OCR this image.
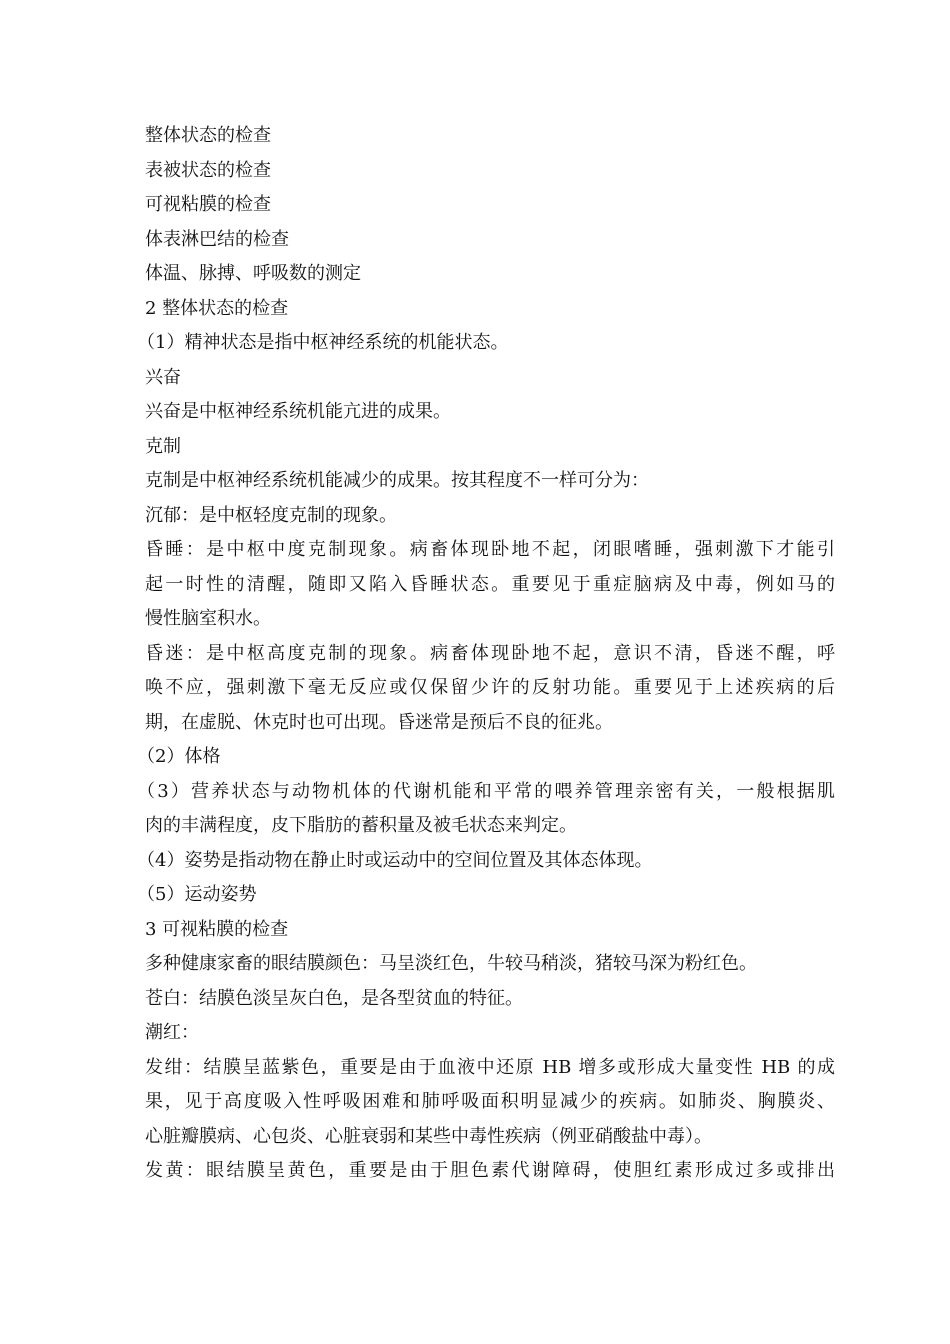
整体状态的检查

表被状态的检查

可视粘膜的检查

体表淋巴结的检查

体温、脉搏、呼吸数的测定

2 整体状态的检查

（1）精神状态是指中枢神经系统的机能状态。

兴奋

兴奋是中枢神经系统机能亢进的成果。

克制

克制是中枢神经系统机能减少的成果。按其程度不一样可分为：

沉郁：是中枢轻度克制的现象。

昏睡：是中枢中度克制现象。病畜体现卧地不起，闭眼嗜睡，强刺激下才能引

起一时性的清醒，随即又陷入昏睡状态。重要见于重症脑病及中毒，例如马的

慢性脑室积水。

昏迷：是中枢高度克制的现象。病畜体现卧地不起，意识不清，昏迷不醒，呼

唤不应，强刺激下毫无反应或仅保留少许的反射功能。重要见于上述疾病的后

期，在虚脱、休克时也可出现。昏迷常是预后不良的征兆。

（2）体格

（3）营养状态与动物机体的代谢机能和平常的喂养管理亲密有关，一般根据肌

肉的丰满程度，皮下脂肪的蓄积量及被毛状态来判定。

（4）姿势是指动物在静止时或运动中的空间位置及其体态体现。

（5）运动姿势

3 可视粘膜的检查

多种健康家畜的眼结膜颜色：马呈淡红色，牛较马稍淡，猪较马深为粉红色。

苍白：结膜色淡呈灰白色，是各型贫血的特征。

潮红：

发绀：结膜呈蓝紫色，重要是由于血液中还原 HB 增多或形成大量变性 HB 的成

果，见于高度吸入性呼吸困难和肺呼吸面积明显减少的疾病。如肺炎、胸膜炎、

心脏瓣膜病、心包炎、心脏衰弱和某些中毒性疾病（例亚硝酸盐中毒）。

发黄：眼结膜呈黄色，重要是由于胆色素代谢障碍，使胆红素形成过多或排出
